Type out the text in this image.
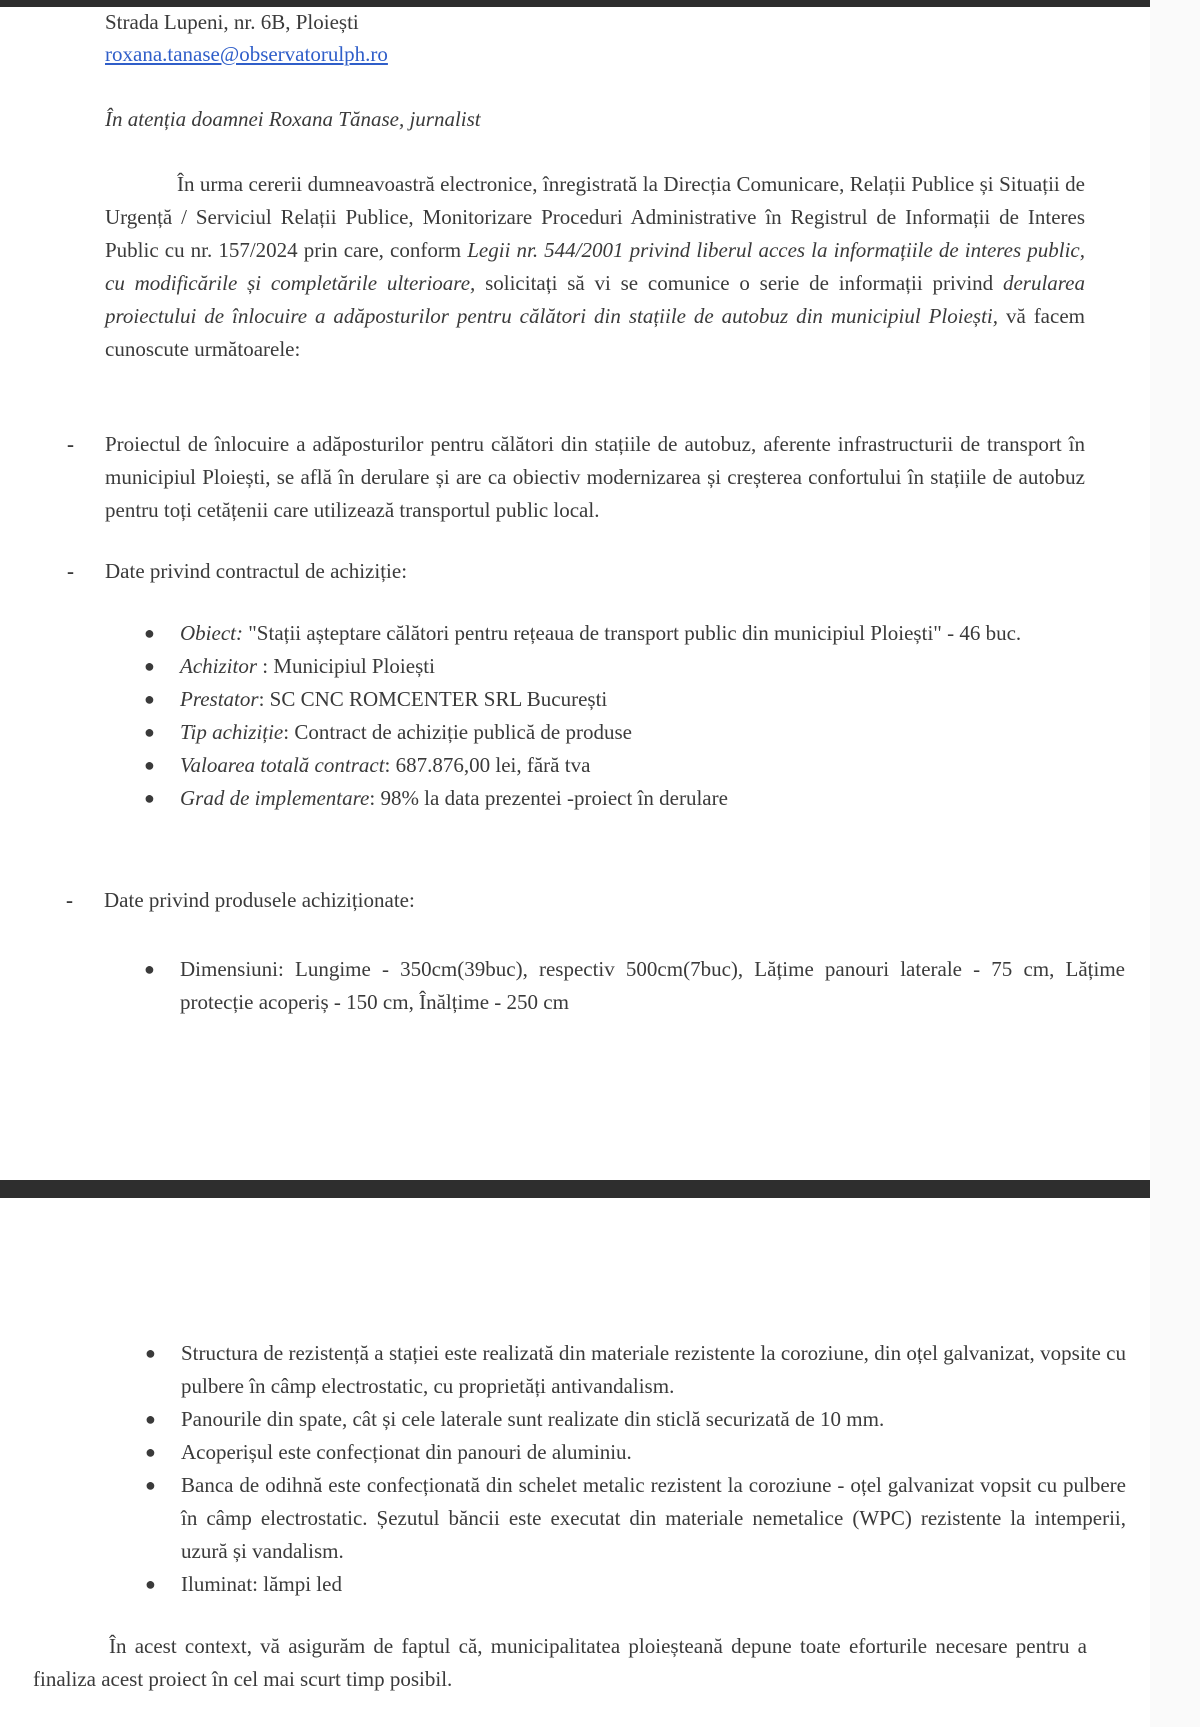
Strada Lupeni, nr. 6B, Ploiești
roxana.tanase@observatorulph.ro
În atenția doamnei Roxana Tănase, jurnalist
În urma cererii dumneavoastră electronice, înregistrată la Direcția Comunicare, Relații Publice și Situații de Urgență / Serviciul Relații Publice, Monitorizare Proceduri Administrative în Registrul de Informații de Interes Public cu nr. 157/2024 prin care, conform Legii nr. 544/2001 privind liberul acces la informațiile de interes public, cu modificările și completările ulterioare, solicitați să vi se comunice o serie de informații privind derularea proiectului de înlocuire a adăposturilor pentru călători din stațiile de autobuz din municipiul Ploiești, vă facem cunoscute următoarele:
- Proiectul de înlocuire a adăposturilor pentru călători din stațiile de autobuz, aferente infrastructurii de transport în municipiul Ploiești, se află în derulare și are ca obiectiv modernizarea și creșterea confortului în stațiile de autobuz pentru toți cetățenii care utilizează transportul public local.
- Date privind contractul de achiziție:
● Obiect: "Stații așteptare călători pentru rețeaua de transport public din municipiul Ploiești" - 46 buc.
● Achizitor : Municipiul Ploiești
● Prestator: SC CNC ROMCENTER SRL București
● Tip achiziție: Contract de achiziție publică de produse
● Valoarea totală contract: 687.876,00 lei, fără tva
● Grad de implementare: 98% la data prezentei -proiect în derulare
- Date privind produsele achiziționate:
● Dimensiuni: Lungime - 350cm(39buc), respectiv 500cm(7buc), Lățime panouri laterale - 75 cm, Lățime protecție acoperiș - 150 cm, Înălțime - 250 cm
● Structura de rezistență a stației este realizată din materiale rezistente la coroziune, din oțel galvanizat, vopsite cu pulbere în câmp electrostatic, cu proprietăți antivandalism.
● Panourile din spate, cât și cele laterale sunt realizate din sticlă securizată de 10 mm.
● Acoperișul este confecționat din panouri de aluminiu.
● Banca de odihnă este confecționată din schelet metalic rezistent la coroziune - oțel galvanizat vopsit cu pulbere în câmp electrostatic. Șezutul băncii este executat din materiale nemetalice (WPC) rezistente la intemperii, uzură și vandalism.
● Iluminat: lămpi led
În acest context, vă asigurăm de faptul că, municipalitatea ploieșteană depune toate eforturile necesare pentru a finaliza acest proiect în cel mai scurt timp posibil.
